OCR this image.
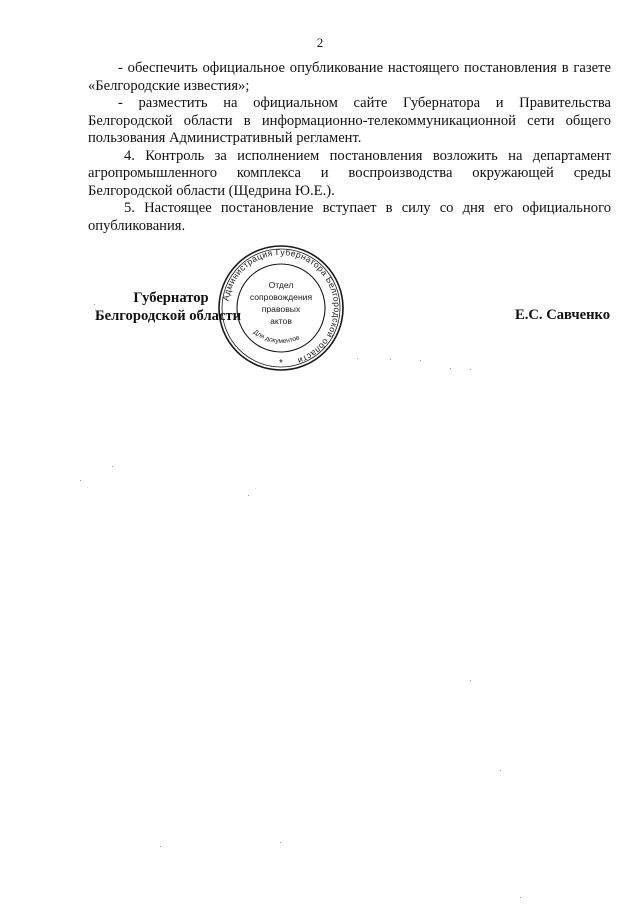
2

- обеспечить официальное опубликование настоящего постановления в газете «Белгородские известия»;

- разместить на официальном сайте Губернатора и Правительства Белгородской области в информационно-телекоммуникационной сети общего пользования Административный регламент.

4. Контроль за исполнением постановления возложить на департамент агропромышленного комплекса и воспроизводства окружающей среды Белгородской области (Щедрина Ю.Е.).

5. Настоящее постановление вступает в силу со дня его официального опубликования.

Губернатор
Белгородской области	Е.С. Савченко
Администрация Губернатора Белгородской области
Для документов
Отдел
сопровождения
правовых
актов
*
